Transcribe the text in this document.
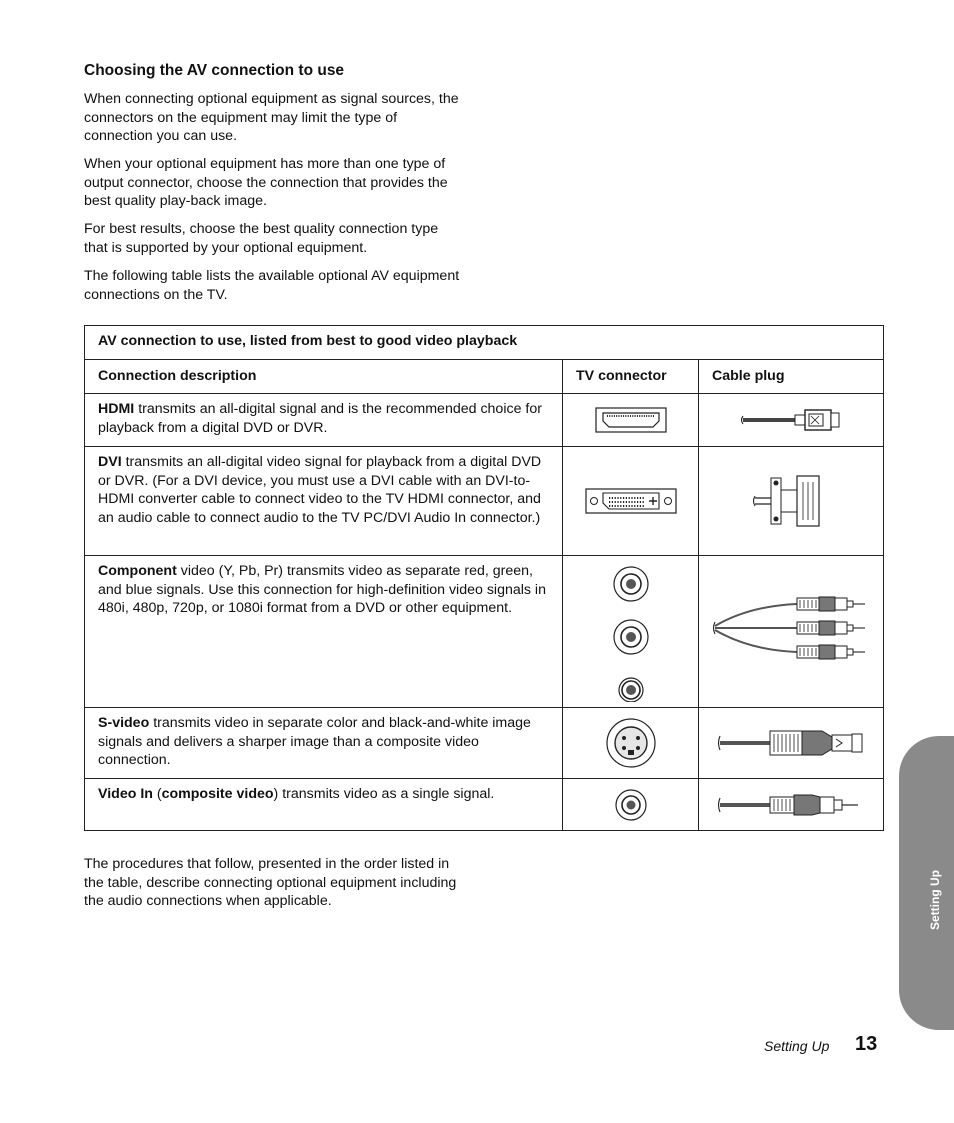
Choosing the AV connection to use

When connecting optional equipment as signal sources, the connectors on the equipment may limit the type of connection you can use.

When your optional equipment has more than one type of output connector, choose the connection that provides the best quality play-back image.

For best results, choose the best quality connection type that is supported by your optional equipment.

The following table lists the available optional AV equipment connections on the TV.

AV connection to use, listed from best to good video playback		
Connection description	TV connector	Cable plug
HDMI transmits an all-digital signal and is the recommended choice for playback from a digital DVD or DVR.	

DVI transmits an all-digital video signal for playback from a digital DVD or DVR. (For a DVI device, you must use a DVI cable with an DVI-to-HDMI converter cable to connect video to the TV HDMI connector, and an audio cable to connect audio to the TV PC/DVI Audio In connector.)	

Component video (Y, Pb, Pr) transmits video as separate red, green, and blue signals. Use this connection for high-definition video signals in 480i, 480p, 720p, or 1080i format from a DVD or other equipment.	

S-video transmits video in separate color and black-and-white image signals and delivers a sharper image than a composite video connection.	

Video In (composite video) transmits video as a single signal.	

The procedures that follow, presented in the order listed in the table, describe connecting optional equipment including the audio connections when applicable.	Setting Up
Setting Up 13
